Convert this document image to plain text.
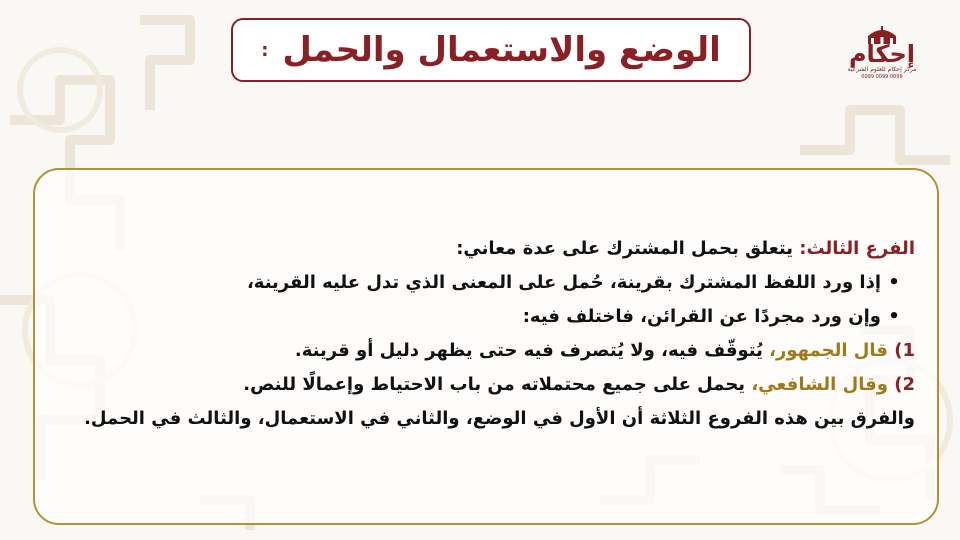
الوضع والاستعمال والحمل
:	إحكام
مركز إحكام للعلوم الشرعية
0099 0099 0099
الفرع الثالث: يتعلق بحمل المشترك على عدة معاني:
•إذا ورد اللفظ المشترك بقرينة، حُمل على المعنى الذي تدل عليه القرينة،
•وإن ورد مجردًا عن القرائن، فاختلف فيه:
1) قال الجمهور، يُتوقّف فيه، ولا يُتصرف فيه حتى يظهر دليل أو قرينة.
2) وقال الشافعي، يحمل على جميع محتملاته من باب الاحتياط وإعمالًا للنص.
والفرق بين هذه الفروع الثلاثة أن الأول في الوضع، والثاني في الاستعمال، والثالث في الحمل.
